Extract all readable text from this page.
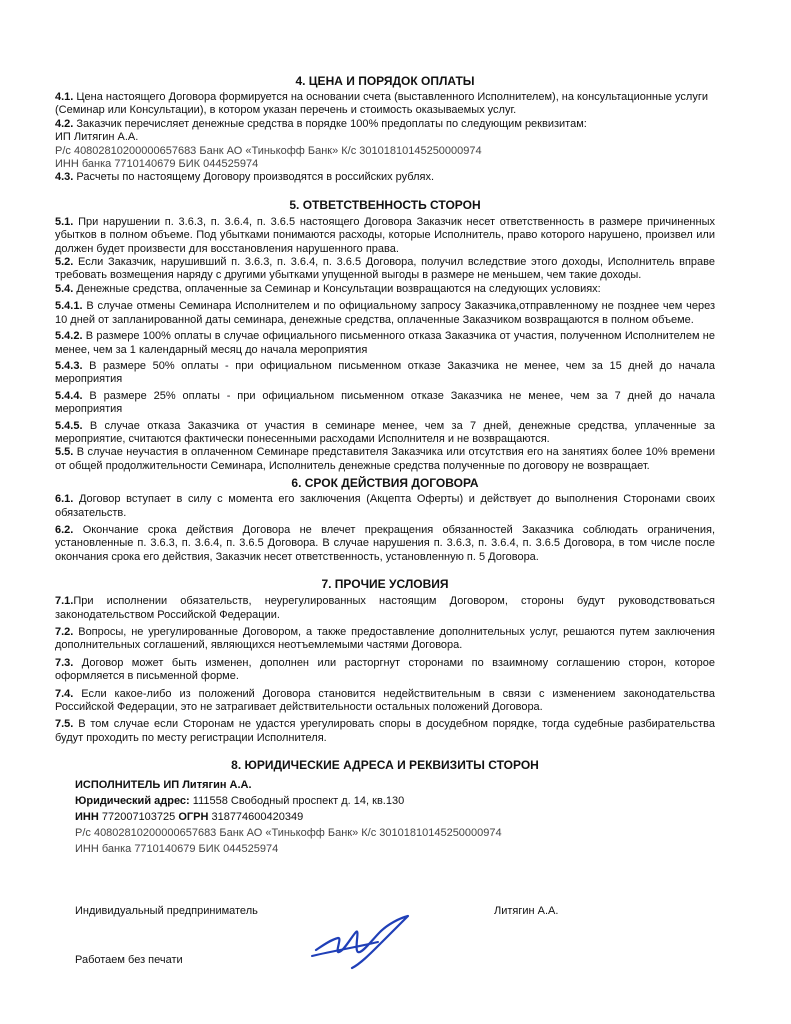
4. ЦЕНА И ПОРЯДОК ОПЛАТЫ

4.1. Цена настоящего Договора формируется на основании счета (выставленного Исполнителем), на консультационные услуги (Семинар или Консультации), в котором указан перечень и стоимость оказываемых услуг.

4.2. Заказчик перечисляет денежные средства в порядке 100% предоплаты по следующим реквизитам:

ИП Литягин А.А.

Р/с 40802810200000657683 Банк АО «Тинькофф Банк» К/с 30101810145250000974

ИНН банка 7710140679 БИК 044525974

4.3. Расчеты по настоящему Договору производятся в российских рублях.

5. ОТВЕТСТВЕННОСТЬ СТОРОН

5.1. При нарушении п. 3.6.3, п. 3.6.4, п. 3.6.5 настоящего Договора Заказчик несет ответственность в размере причиненных убытков в полном объеме. Под убытками понимаются расходы, которые Исполнитель, право которого нарушено, произвел или должен будет произвести для восстановления нарушенного права.

5.2. Если Заказчик, нарушивший п. 3.6.3, п. 3.6.4, п. 3.6.5 Договора, получил вследствие этого доходы, Исполнитель вправе требовать возмещения наряду с другими убытками упущенной выгоды в размере не меньшем, чем такие доходы.

5.4. Денежные средства, оплаченные за Семинар и Консультации возвращаются на следующих условиях:

5.4.1. В случае отмены Семинара Исполнителем и по официальному запросу Заказчика,отправленному не позднее чем через 10 дней от запланированной даты семинара, денежные средства, оплаченные Заказчиком возвращаются в полном объеме.

5.4.2. В размере 100% оплаты в случае официального письменного отказа Заказчика от участия, полученном Исполнителем не менее, чем за 1 календарный месяц до начала мероприятия

5.4.3. В размере 50% оплаты - при официальном письменном отказе Заказчика не менее, чем за 15 дней до начала мероприятия

5.4.4. В размере 25% оплаты - при официальном письменном отказе Заказчика не менее, чем за 7 дней до начала мероприятия

5.4.5. В случае отказа Заказчика от участия в семинаре менее, чем за 7 дней, денежные средства, уплаченные за мероприятие, считаются фактически понесенными расходами Исполнителя и не возвращаются.

5.5. В случае неучастия в оплаченном Семинаре представителя Заказчика или отсутствия его на занятиях более 10% времени от общей продолжительности Семинара, Исполнитель денежные средства полученные по договору не возвращает.

6. СРОК ДЕЙСТВИЯ ДОГОВОРА

6.1. Договор вступает в силу с момента его заключения (Акцепта Оферты) и действует до выполнения Сторонами своих обязательств.

6.2. Окончание срока действия Договора не влечет прекращения обязанностей Заказчика соблюдать ограничения, установленные п. 3.6.3, п. 3.6.4, п. 3.6.5 Договора. В случае нарушения п. 3.6.3, п. 3.6.4, п. 3.6.5 Договора, в том числе после окончания срока его действия, Заказчик несет ответственность, установленную п. 5 Договора.

7. ПРОЧИЕ УСЛОВИЯ

7.1.При исполнении обязательств, неурегулированных настоящим Договором, стороны будут руководствоваться законодательством Российской Федерации.

7.2. Вопросы, не урегулированные Договором, а также предоставление дополнительных услуг, решаются путем заключения дополнительных соглашений, являющихся неотъемлемыми частями Договора.

7.3. Договор может быть изменен, дополнен или расторгнут сторонами по взаимному соглашению сторон, которое оформляется в письменной форме.

7.4. Если какое-либо из положений Договора становится недействительным в связи с изменением законодательства Российской Федерации, это не затрагивает действительности остальных положений Договора.

7.5. В том случае если Сторонам не удастся урегулировать споры в досудебном порядке, тогда судебные разбирательства будут проходить по месту регистрации Исполнителя.

8. ЮРИДИЧЕСКИЕ АДРЕСА И РЕКВИЗИТЫ СТОРОН

ИСПОЛНИТЕЛЬ ИП Литягин А.А.

Юридический адрес: 111558 Свободный проспект д. 14, кв.130

ИНН 772007103725 ОГРН 318774600420349

Р/с 40802810200000657683 Банк АО «Тинькофф Банк» К/с 30101810145250000974

ИНН банка 7710140679 БИК 044525974

Индивидуальный предприниматель	Литягин А.А.
Работаем без печати
